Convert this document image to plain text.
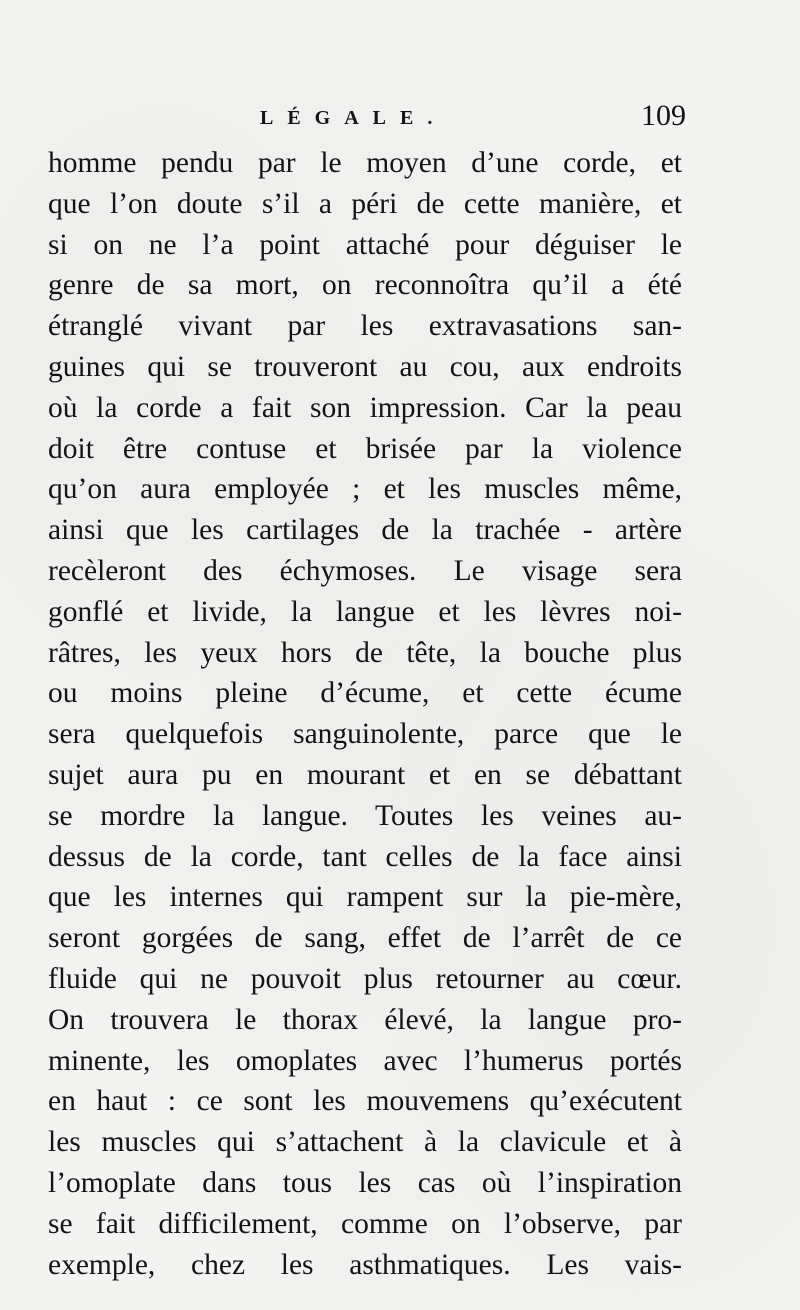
LÉGALE.	109
homme pendu par le moyen d’une corde, et
que l’on doute s’il a péri de cette manière, et
si on ne l’a point attaché pour déguiser le
genre de sa mort, on reconnoîtra qu’il a été
étranglé vivant par les extravasations san-
guines qui se trouveront au cou, aux endroits
où la corde a fait son impression. Car la peau
doit être contuse et brisée par la violence
qu’on aura employée ; et les muscles même,
ainsi que les cartilages de la trachée - artère
recèleront des échymoses. Le visage sera
gonflé et livide, la langue et les lèvres noi-
râtres, les yeux hors de tête, la bouche plus
ou moins pleine d’écume, et cette écume
sera quelquefois sanguinolente, parce que le
sujet aura pu en mourant et en se débattant
se mordre la langue. Toutes les veines au-
dessus de la corde, tant celles de la face ainsi
que les internes qui rampent sur la pie-mère,
seront gorgées de sang, effet de l’arrêt de ce
fluide qui ne pouvoit plus retourner au cœur.
On trouvera le thorax élevé, la langue pro-
minente, les omoplates avec l’humerus portés
en haut : ce sont les mouvemens qu’exécutent
les muscles qui s’attachent à la clavicule et à
l’omoplate dans tous les cas où l’inspiration
se fait difficilement, comme on l’observe, par
exemple, chez les asthmatiques. Les vais-
